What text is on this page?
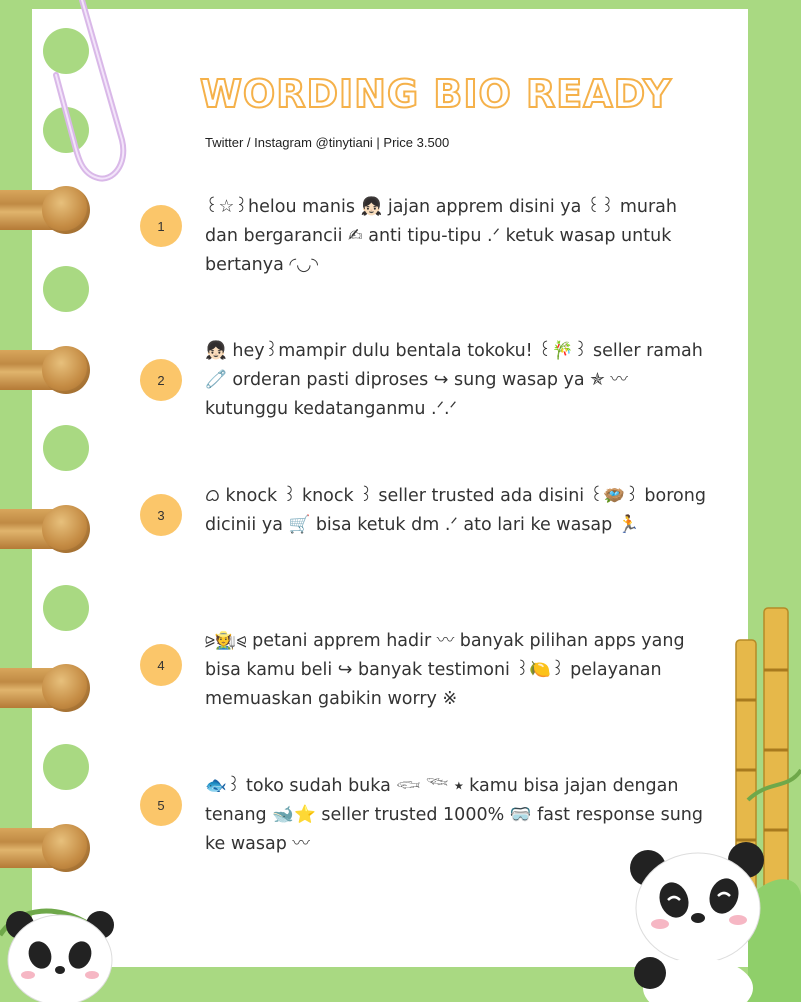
WORDING BIO READY
Twitter / Instagram @tinytiani | Price 3.500
1
꒰☆꒱helou manis 👧🏻 jajan apprem disini ya ꒰꒱ murah dan bergarancii ✍ anti tipu-tipu .ᐟ ketuk wasap untuk bertanya ◜◡◝
2
👧🏻 hey꒱mampir dulu bentala tokoku! ꒰🎋꒱ seller ramah 🧷 orderan pasti diproses ↪ sung wasap ya ✯ 〰 kutunggu kedatanganmu .ᐟ.ᐟ
3
ᜊ knock ꒱ knock ꒱ seller trusted ada disini ꒰🪺꒱ borong dicinii ya 🛒 bisa ketuk dm .ᐟ ato lari ke wasap 🏃
4
⪩🧑‍🌾⪨ petani apprem hadir 〰 banyak pilihan apps yang bisa kamu beli ↪ banyak testimoni ꒱🍋꒱ pelayanan memuaskan gabikin worry ※
5
🐟꒱ toko sudah buka 𓆟 𓆝 ⭑ kamu bisa jajan dengan tenang 🐋⭐ seller trusted 1000% 🥽 fast response sung ke wasap 〰
